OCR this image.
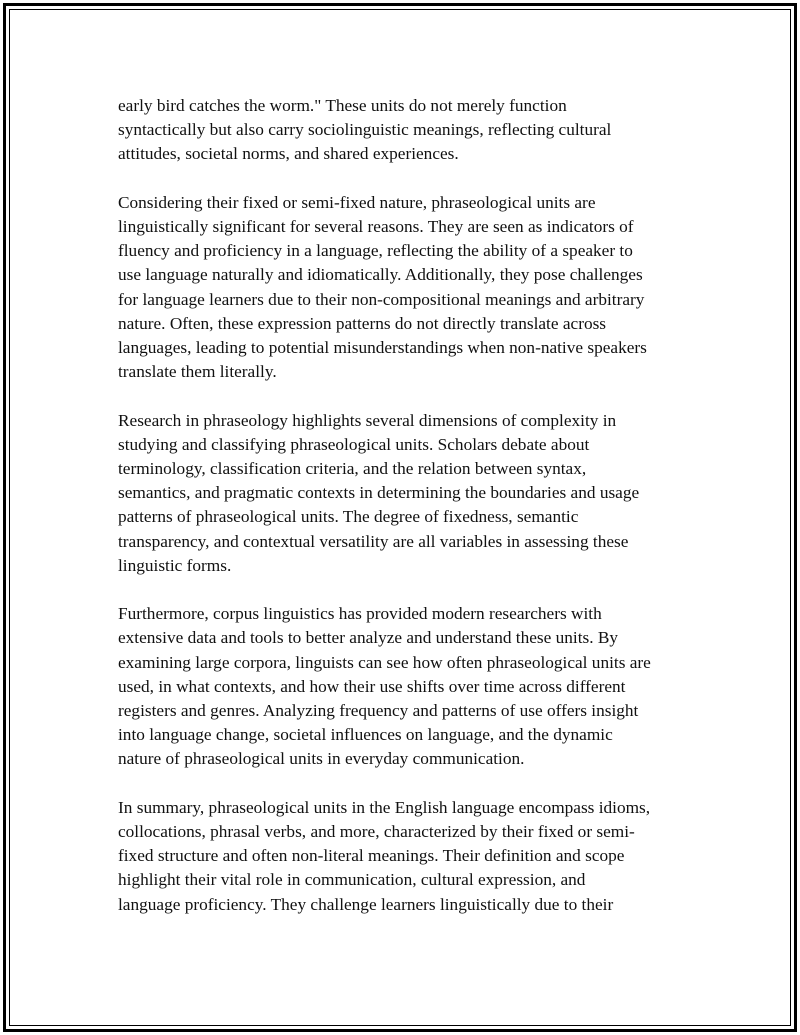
early bird catches the worm." These units do not merely function
syntactically but also carry sociolinguistic meanings, reflecting cultural
attitudes, societal norms, and shared experiences.

Considering their fixed or semi-fixed nature, phraseological units are
linguistically significant for several reasons. They are seen as indicators of
fluency and proficiency in a language, reflecting the ability of a speaker to
use language naturally and idiomatically. Additionally, they pose challenges
for language learners due to their non-compositional meanings and arbitrary
nature. Often, these expression patterns do not directly translate across
languages, leading to potential misunderstandings when non-native speakers
translate them literally.

Research in phraseology highlights several dimensions of complexity in
studying and classifying phraseological units. Scholars debate about
terminology, classification criteria, and the relation between syntax,
semantics, and pragmatic contexts in determining the boundaries and usage
patterns of phraseological units. The degree of fixedness, semantic
transparency, and contextual versatility are all variables in assessing these
linguistic forms.

Furthermore, corpus linguistics has provided modern researchers with
extensive data and tools to better analyze and understand these units. By
examining large corpora, linguists can see how often phraseological units are
used, in what contexts, and how their use shifts over time across different
registers and genres. Analyzing frequency and patterns of use offers insight
into language change, societal influences on language, and the dynamic
nature of phraseological units in everyday communication.

In summary, phraseological units in the English language encompass idioms,
collocations, phrasal verbs, and more, characterized by their fixed or semi-
fixed structure and often non-literal meanings. Their definition and scope
highlight their vital role in communication, cultural expression, and
language proficiency. They challenge learners linguistically due to their
